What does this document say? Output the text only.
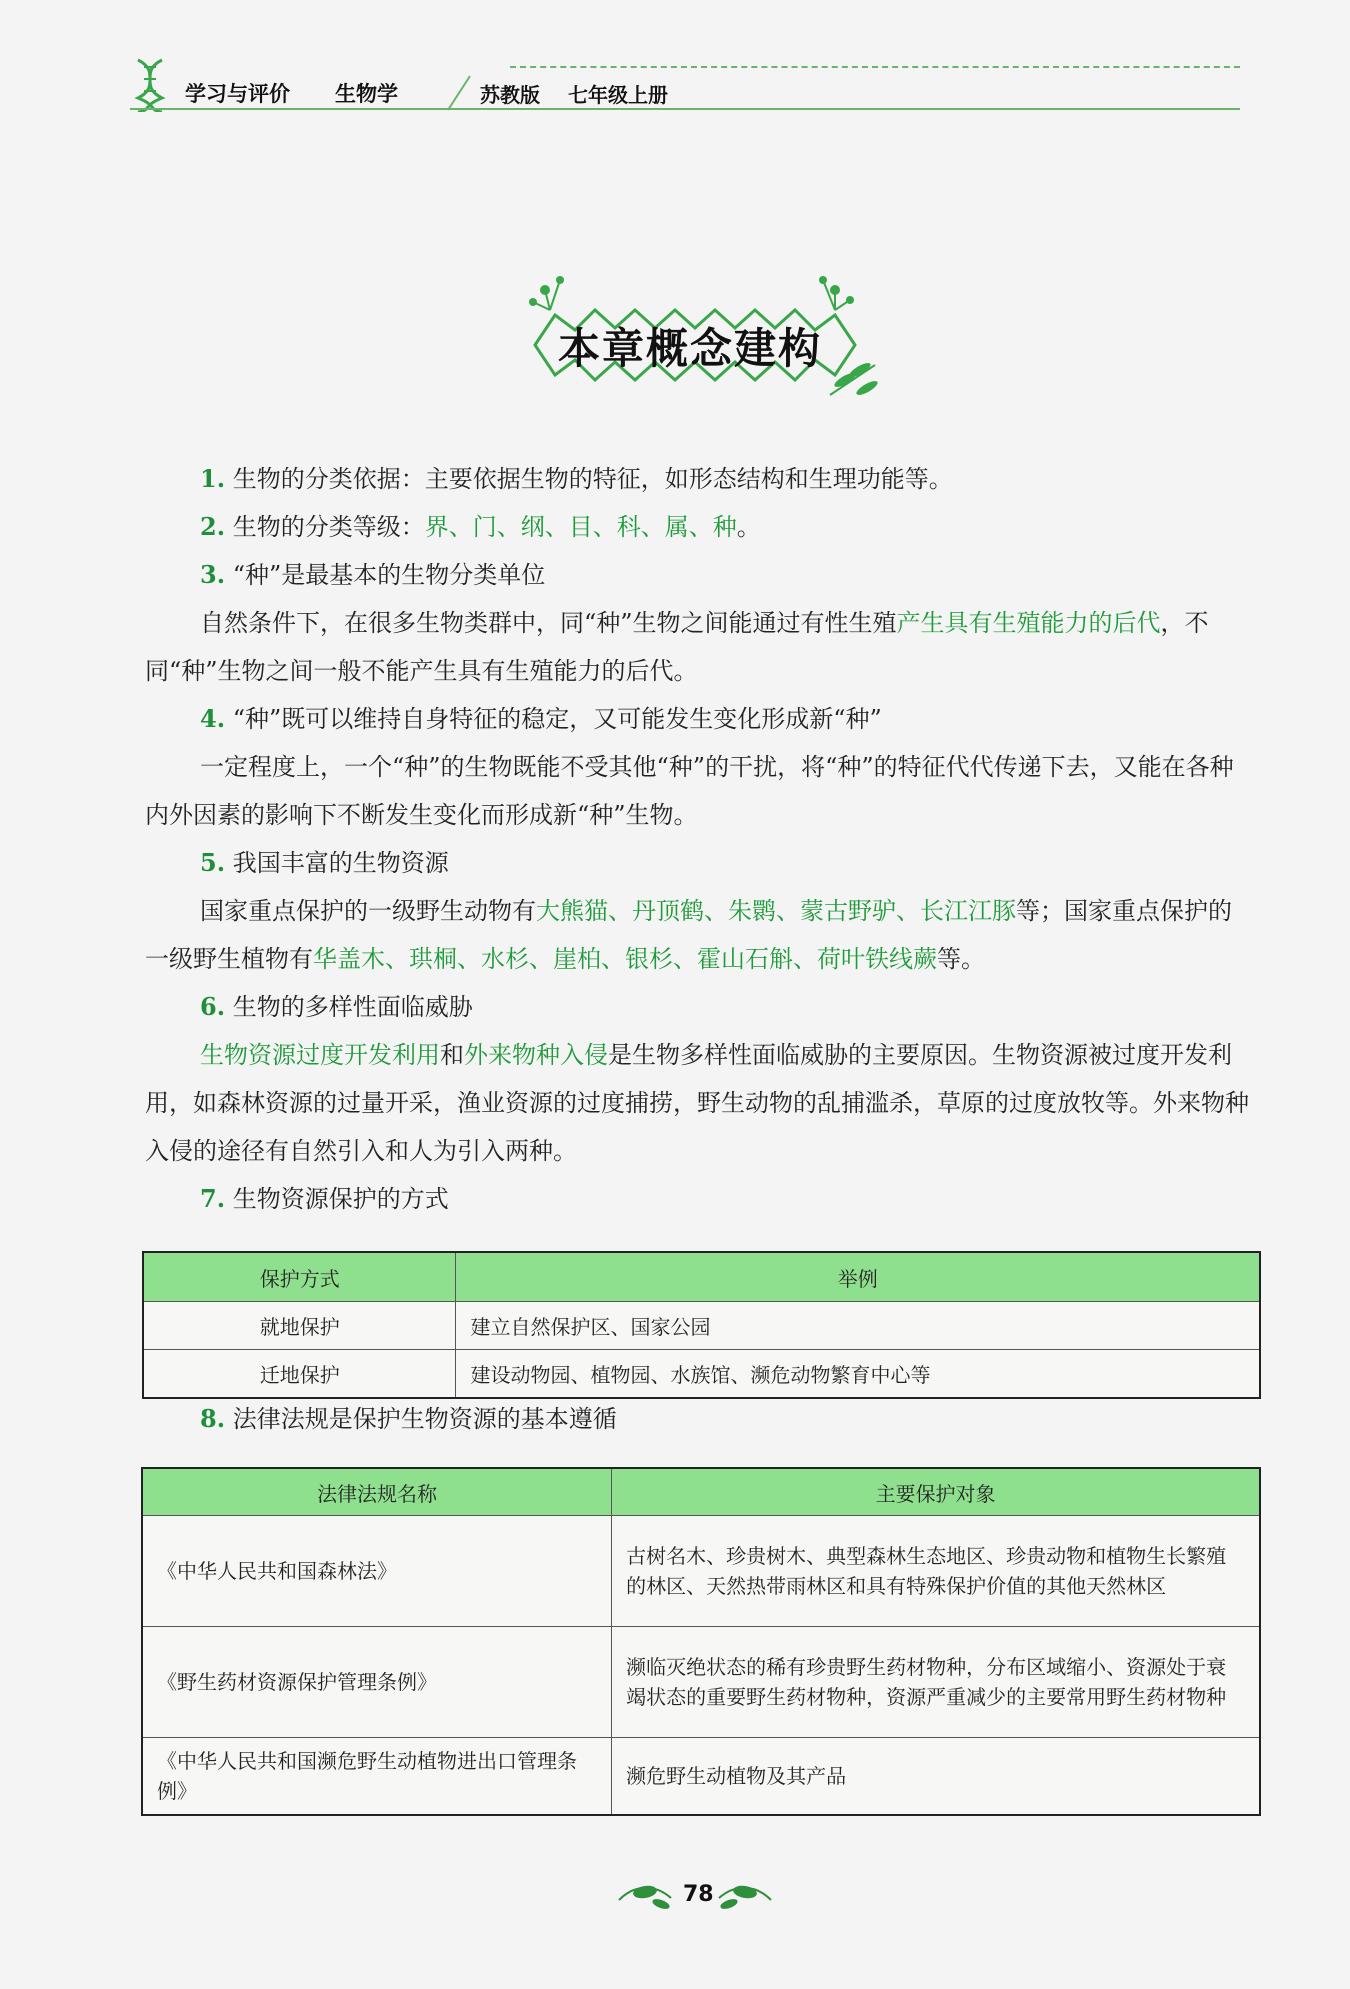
学习与评价 生物学	苏教版 七年级上册
本章概念建构

1. 生物的分类依据：主要依据生物的特征，如形态结构和生理功能等。

2. 生物的分类等级：界、门、纲、目、科、属、种。

3. “种”是最基本的生物分类单位

自然条件下，在很多生物类群中，同“种”生物之间能通过有性生殖产生具有生殖能力的后代，不同“种”生物之间一般不能产生具有生殖能力的后代。

4. “种”既可以维持自身特征的稳定，又可能发生变化形成新“种”

一定程度上，一个“种”的生物既能不受其他“种”的干扰，将“种”的特征代代传递下去，又能在各种内外因素的影响下不断发生变化而形成新“种”生物。

5. 我国丰富的生物资源

国家重点保护的一级野生动物有大熊猫、丹顶鹤、朱鹮、蒙古野驴、长江江豚等；国家重点保护的一级野生植物有华盖木、珙桐、水杉、崖柏、银杉、霍山石斛、荷叶铁线蕨等。

6. 生物的多样性面临威胁

生物资源过度开发利用和外来物种入侵是生物多样性面临威胁的主要原因。生物资源被过度开发利用，如森林资源的过量开采，渔业资源的过度捕捞，野生动物的乱捕滥杀，草原的过度放牧等。外来物种入侵的途径有自然引入和人为引入两种。

7. 生物资源保护的方式

保护方式	举例
就地保护	建立自然保护区、国家公园
迁地保护	建设动物园、植物园、水族馆、濒危动物繁育中心等
8. 法律法规是保护生物资源的基本遵循
法律法规名称	主要保护对象
《中华人民共和国森林法》	古树名木、珍贵树木、典型森林生态地区、珍贵动物和植物生长繁殖的林区、天然热带雨林区和具有特殊保护价值的其他天然林区
《野生药材资源保护管理条例》	濒临灭绝状态的稀有珍贵野生药材物种，分布区域缩小、资源处于衰竭状态的重要野生药材物种，资源严重减少的主要常用野生药材物种
《中华人民共和国濒危野生动植物进出口管理条例》	濒危野生动植物及其产品
78
